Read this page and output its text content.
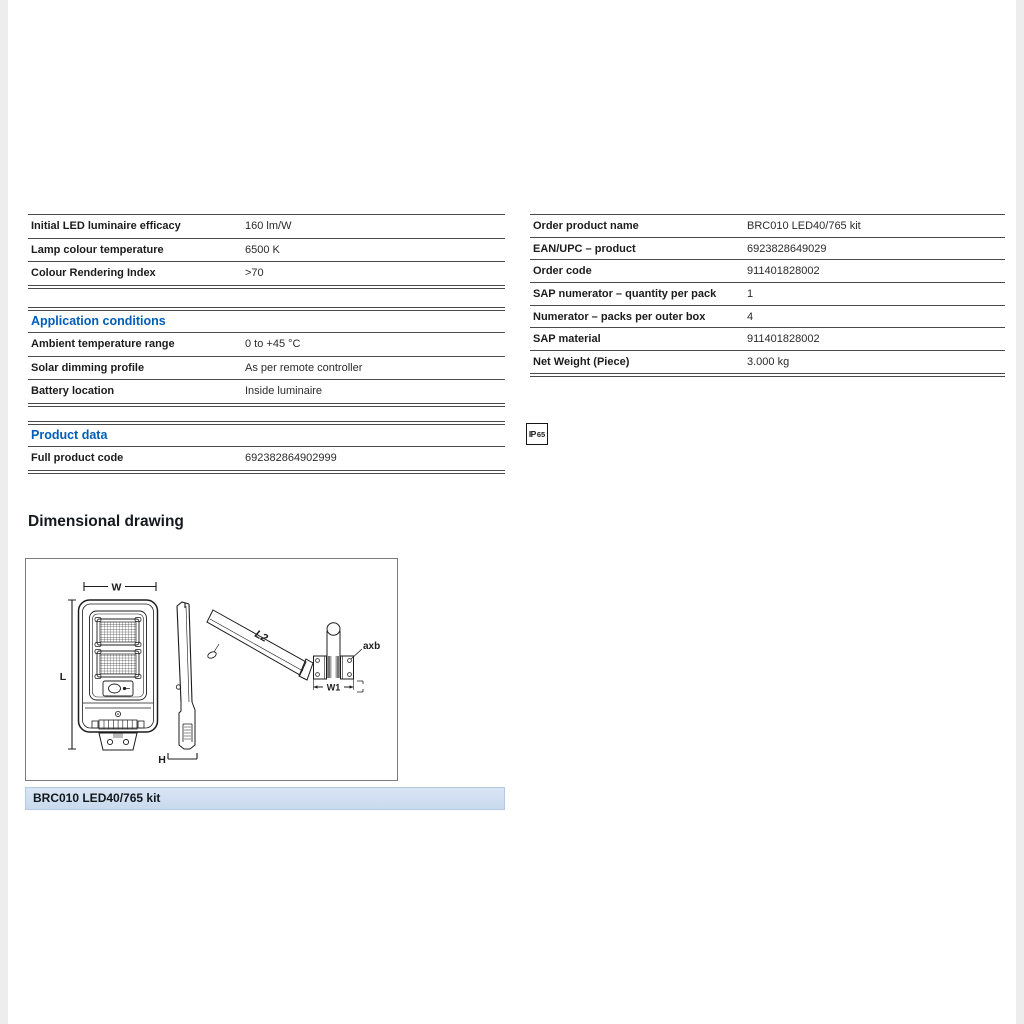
Initial LED luminaire efficacy	160 lm/W
Lamp colour temperature	6500 K
Colour Rendering Index	>70
Application conditions
Ambient temperature range	0 to +45 °C
Solar dimming profile	As per remote controller
Battery location	Inside luminaire
Product data
Full product code	692382864902999
Order product name	BRC010 LED40/765 kit
EAN/UPC – product	6923828649029
Order code	911401828002
SAP numerator – quantity per pack	1
Numerator – packs per outer box	4
SAP material	911401828002
Net Weight (Piece)	3.000 kg
IP 65
Dimensional drawing
W
L
H
L2
axb
W1
BRC010 LED40/765 kit
